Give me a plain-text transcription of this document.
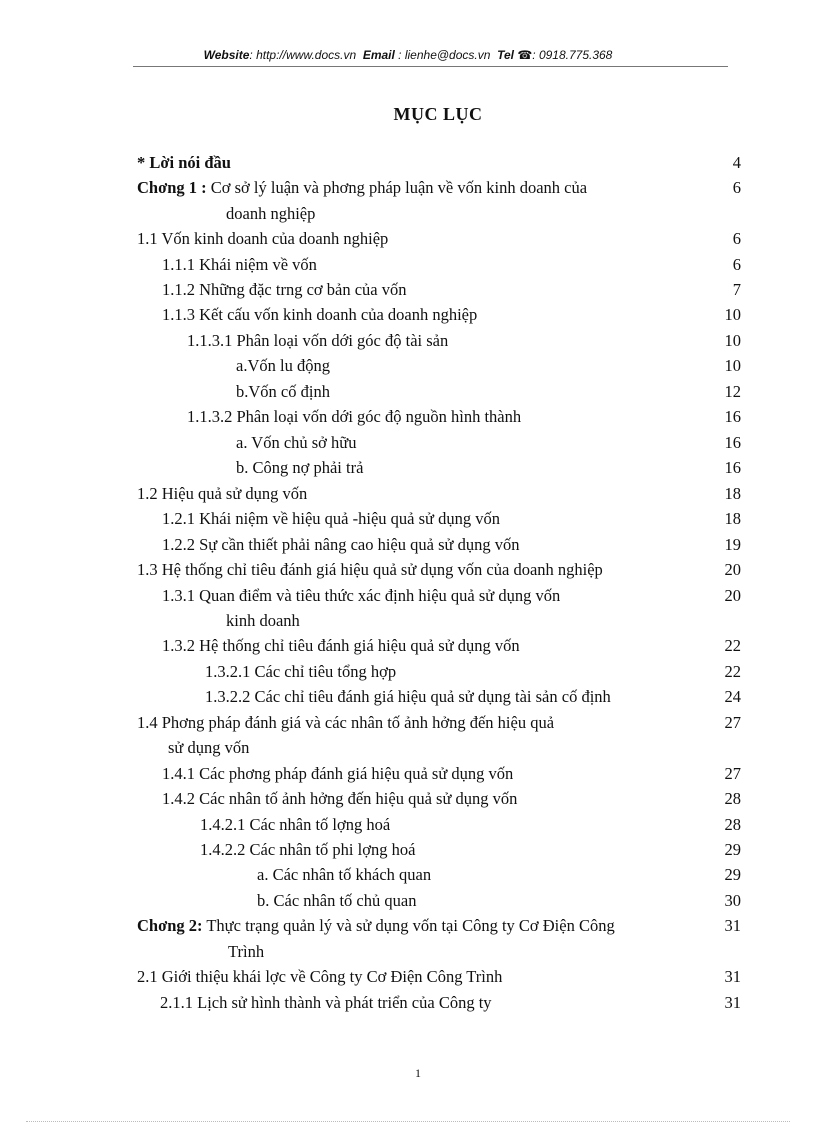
Website: http://www.docs.vn Email : lienhe@docs.vn Tel ☎: 0918.775.368
MỤC LỤC
* Lời nói đầu	4
Chơng 1 : Cơ sở lý luận và phơng pháp luận về vốn kinh doanh của	6
doanh nghiệp
1.1 Vốn kinh doanh của doanh nghiệp	6
1.1.1 Khái niệm về vốn	6
1.1.2 Những đặc trng cơ bản của vốn	7
1.1.3 Kết cấu vốn kinh doanh của doanh nghiệp	10
1.1.3.1 Phân loại vốn dới góc độ tài sản	10
a.Vốn lu động	10
b.Vốn cố định	12
1.1.3.2 Phân loại vốn dới góc độ nguồn hình thành	16
a. Vốn chủ sở hữu	16
b. Công nợ phải trả	16
1.2 Hiệu quả sử dụng vốn	18
1.2.1 Khái niệm về hiệu quả -hiệu quả sử dụng vốn	18
1.2.2 Sự cần thiết phải nâng cao hiệu quả sử dụng vốn	19
1.3 Hệ thống chỉ tiêu đánh giá hiệu quả sử dụng vốn của doanh nghiệp	20
1.3.1 Quan điểm và tiêu thức xác định hiệu quả sử dụng vốn	20
kinh doanh
1.3.2 Hệ thống chỉ tiêu đánh giá hiệu quả sử dụng vốn	22
1.3.2.1 Các chỉ tiêu tổng hợp	22
1.3.2.2 Các chỉ tiêu đánh giá hiệu quả sử dụng tài sản cố định	24
1.4 Phơng pháp đánh giá và các nhân tố ảnh hởng đến hiệu quả	27
sử dụng vốn
1.4.1 Các phơng pháp đánh giá hiệu quả sử dụng vốn	27
1.4.2 Các nhân tố ảnh hởng đến hiệu quả sử dụng vốn	28
1.4.2.1 Các nhân tố lợng hoá	28
1.4.2.2 Các nhân tố phi lợng hoá	29
a. Các nhân tố khách quan	29
b. Các nhân tố chủ quan	30
Chơng 2: Thực trạng quản lý và sử dụng vốn tại Công ty Cơ Điện Công	31
Trình
2.1 Giới thiệu khái lợc về Công ty Cơ Điện Công Trình	31
2.1.1 Lịch sử hình thành và phát triển của Công ty	31
1
